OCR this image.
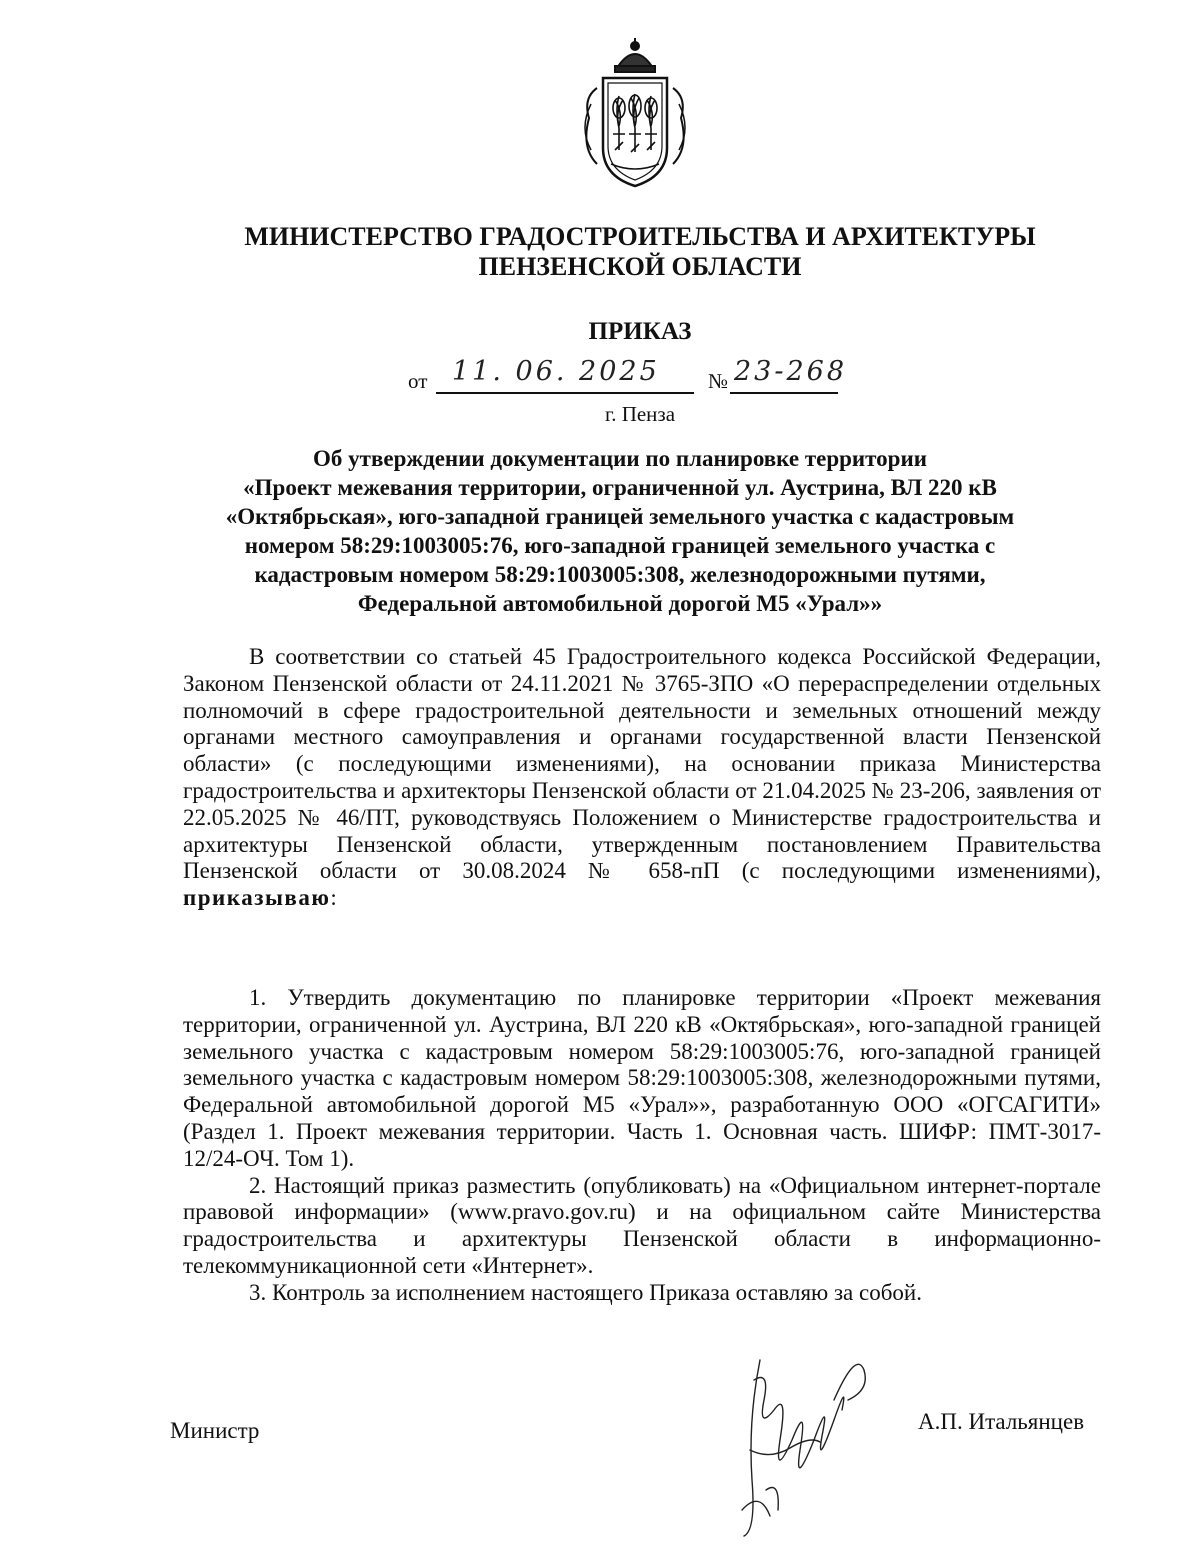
МИНИСТЕРСТВО ГРАДОСТРОИТЕЛЬСТВА И АРХИТЕКТУРЫ
ПЕНЗЕНСКОЙ ОБЛАСТИ
ПРИКАЗ
от 11. 06. 2025 № 23-268
г. Пенза
Об утверждении документации по планировке территории
«Проект межевания территории, ограниченной ул. Аустрина, ВЛ 220 кВ
«Октябрьская», юго-западной границей земельного участка с кадастровым
номером 58:29:1003005:76, юго-западной границей земельного участка с
кадастровым номером 58:29:1003005:308, железнодорожными путями,
Федеральной автомобильной дорогой М5 «Урал»»

В соответствии со статьей 45 Градостроительного кодекса Российской Федерации, Законом Пензенской области от 24.11.2021 № 3765-ЗПО «О перераспределении отдельных полномочий в сфере градостроительной деятельности и земельных отношений между органами местного самоуправления и органами государственной власти Пензенской области» (с последующими изменениями), на основании приказа Министерства градостроительства и архитекторы Пензенской области от 21.04.2025 № 23-206, заявления от 22.05.2025 № 46/ПТ, руководствуясь Положением о Министерстве градостроительства и архитектуры Пензенской области, утвержденным постановлением Правительства Пензенской области от 30.08.2024 № 658-пП (с последующими изменениями), приказываю:

1. Утвердить документацию по планировке территории «Проект межевания территории, ограниченной ул. Аустрина, ВЛ 220 кВ «Октябрьская», юго-западной границей земельного участка с кадастровым номером 58:29:1003005:76, юго-западной границей земельного участка с кадастровым номером 58:29:1003005:308, железнодорожными путями, Федеральной автомобильной дорогой М5 «Урал»», разработанную ООО «ОГСАГИТИ» (Раздел 1. Проект межевания территории. Часть 1. Основная часть. ШИФР: ПМТ-3017-12/24-ОЧ. Том 1).

2. Настоящий приказ разместить (опубликовать) на «Официальном интернет-портале правовой информации» (www.pravo.gov.ru) и на официальном сайте Министерства градостроительства и архитектуры Пензенской области в информационно-телекоммуникационной сети «Интернет».

3. Контроль за исполнением настоящего Приказа оставляю за собой.

Министр	А.П. Итальянцев
